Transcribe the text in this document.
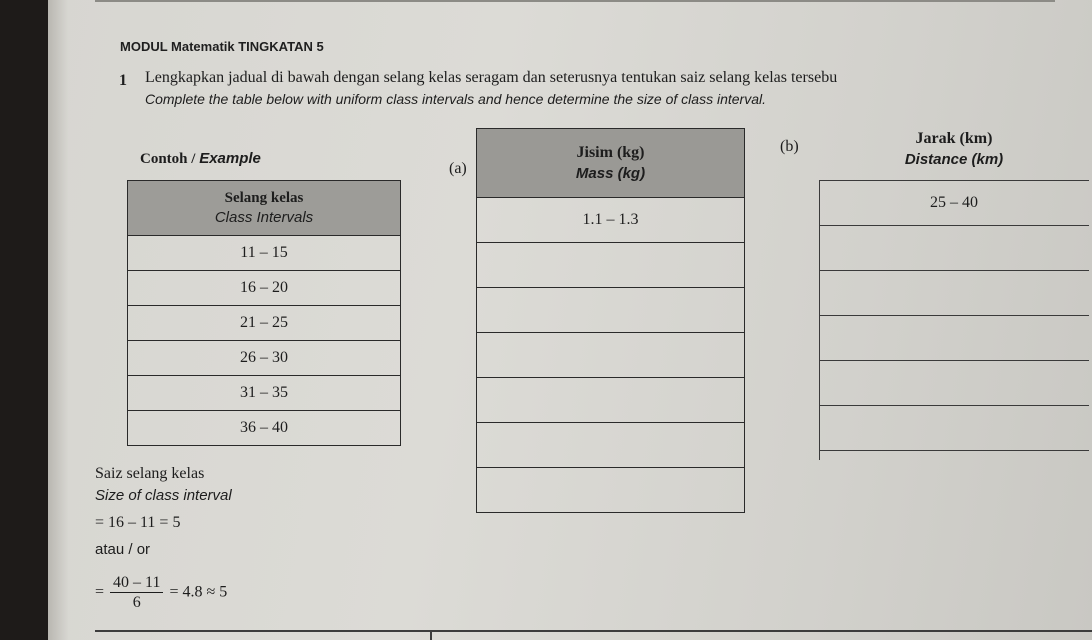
MODUL Matematik TINGKATAN 5
1 Lengkapkan jadual di bawah dengan selang kelas seragam dan seterusnya tentukan saiz selang kelas tersebu
Complete the table below with uniform class intervals and hence determine the size of class interval.
Contoh / Example
Selang kelas
Class Intervals
11 – 15
16 – 20
21 – 25
26 – 30
31 – 35
36 – 40
(a)
Jisim (kg)
Mass (kg)
1.1 – 1.3

(b)	Jarak (km)
Distance (km)
25 – 40

Saiz selang kelas
Size of class interval
= 16 – 11 = 5
atau / or
= $\frac{40 - 11}{6} = 4.8 \approx 5$
